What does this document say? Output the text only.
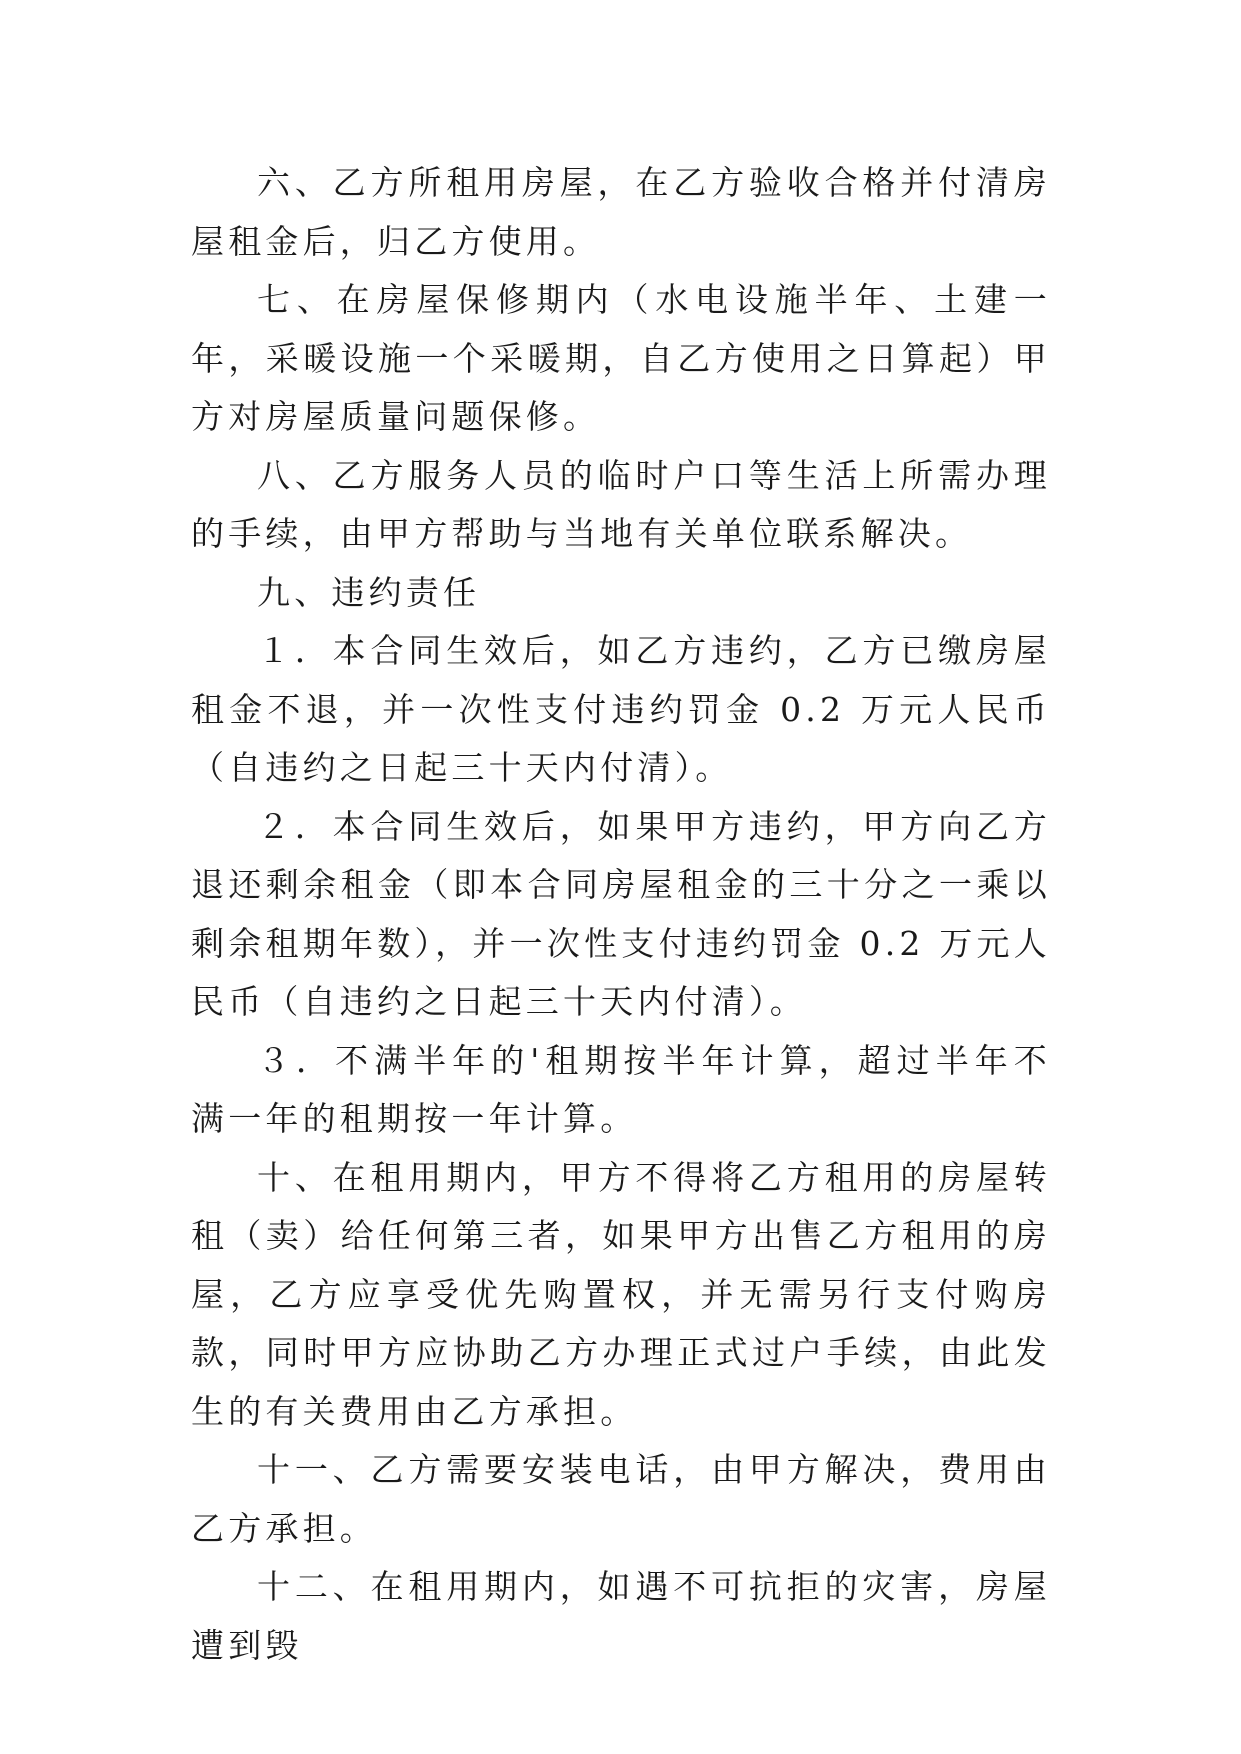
六、乙方所租用房屋，在乙方验收合格并付清房屋租金后，归乙方使用。

七、在房屋保修期内（水电设施半年、土建一年，采暖设施一个采暖期，自乙方使用之日算起）甲方对房屋质量问题保修。

八、乙方服务人员的临时户口等生活上所需办理的手续，由甲方帮助与当地有关单位联系解决。

九、违约责任

１．本合同生效后，如乙方违约，乙方已缴房屋租金不退，并一次性支付违约罚金 0.2 万元人民币（自违约之日起三十天内付清）。

２．本合同生效后，如果甲方违约，甲方向乙方退还剩余租金（即本合同房屋租金的三十分之一乘以剩余租期年数），并一次性支付违约罚金 0.2 万元人民币（自违约之日起三十天内付清）。

３．不满半年的'租期按半年计算，超过半年不满一年的租期按一年计算。

十、在租用期内，甲方不得将乙方租用的房屋转租（卖）给任何第三者，如果甲方出售乙方租用的房屋，乙方应享受优先购置权，并无需另行支付购房款，同时甲方应协助乙方办理正式过户手续，由此发生的有关费用由乙方承担。

十一、乙方需要安装电话，由甲方解决，费用由乙方承担。

十二、在租用期内，如遇不可抗拒的灾害，房屋遭到毁
